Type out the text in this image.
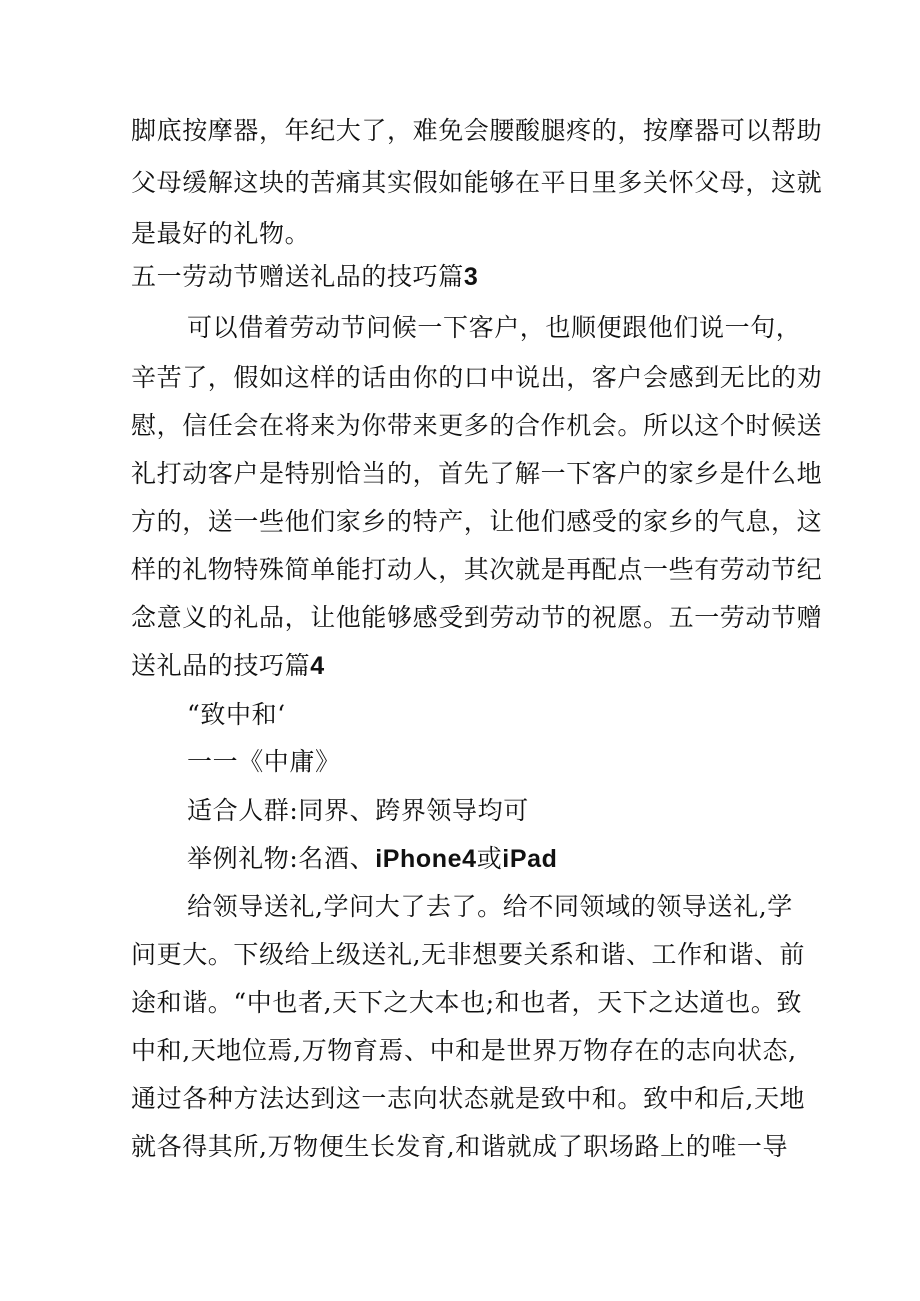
脚底按摩器，年纪大了，难免会腰酸腿疼的，按摩器可以帮助
父母缓解这块的苦痛其实假如能够在平日里多关怀父母，这就
是最好的礼物。
五一劳动节赠送礼品的技巧篇3
可以借着劳动节问候一下客户，也顺便跟他们说一句，
辛苦了，假如这样的话由你的口中说出，客户会感到无比的劝
慰，信任会在将来为你带来更多的合作机会。所以这个时候送
礼打动客户是特别恰当的，首先了解一下客户的家乡是什么地
方的，送一些他们家乡的特产，让他们感受的家乡的气息，这
样的礼物特殊简单能打动人，其次就是再配点一些有劳动节纪
念意义的礼品，让他能够感受到劳动节的祝愿。五一劳动节赠
送礼品的技巧篇4
“致中和‘
一一《中庸》
适合人群:同界、跨界领导均可
举例礼物:名酒、iPhone4或iPad
给领导送礼,学问大了去了。给不同领域的领导送礼,学
问更大。下级给上级送礼,无非想要关系和谐、工作和谐、前
途和谐。“中也者,天下之大本也;和也者，天下之达道也。致
中和,天地位焉,万物育焉、中和是世界万物存在的志向状态,
通过各种方法达到这一志向状态就是致中和。致中和后,天地
就各得其所,万物便生长发育,和谐就成了职场路上的唯一导
